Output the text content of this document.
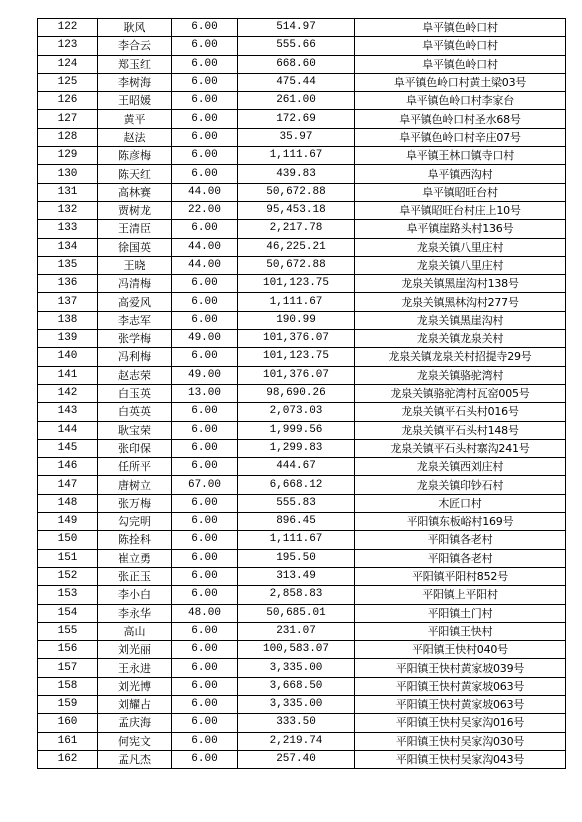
122	耿风	6.00	514.97	阜平镇色岭口村
123	李合云	6.00	555.66	阜平镇色岭口村
124	郑玉红	6.00	668.60	阜平镇色岭口村
125	李树海	6.00	475.44	阜平镇色岭口村黄土梁03号
126	王昭媛	6.00	261.00	阜平镇色岭口村李家台
127	黄平	6.00	172.69	阜平镇色岭口村圣水68号
128	赵法	6.00	35.97	阜平镇色岭口村辛庄07号
129	陈彦梅	6.00	1,111.67	阜平镇王林口镇寺口村
130	陈天红	6.00	439.83	阜平镇西沟村
131	高林赛	44.00	50,672.88	阜平镇昭旺台村
132	贾树龙	22.00	95,453.18	阜平镇昭旺台村庄上10号
133	王清臣	6.00	2,217.78	阜平镇崖路头村136号
134	徐国英	44.00	46,225.21	龙泉关镇八里庄村
135	王晓	44.00	50,672.88	龙泉关镇八里庄村
136	冯清梅	6.00	101,123.75	龙泉关镇黑崖沟村138号
137	高爱风	6.00	1,111.67	龙泉关镇黑林沟村277号
138	李志军	6.00	190.99	龙泉关镇黑崖沟村
139	张学梅	49.00	101,376.07	龙泉关镇龙泉关村
140	冯利梅	6.00	101,123.75	龙泉关镇龙泉关村招提寺29号
141	赵志荣	49.00	101,376.07	龙泉关镇骆驼湾村
142	白玉英	13.00	98,690.26	龙泉关镇骆驼湾村瓦窑005号
143	白英英	6.00	2,073.03	龙泉关镇平石头村016号
144	耿宝荣	6.00	1,999.56	龙泉关镇平石头村148号
145	张印保	6.00	1,299.83	龙泉关镇平石头村寨沟241号
146	任所平	6.00	444.67	龙泉关镇西刘庄村
147	唐树立	67.00	6,668.12	龙泉关镇印钞石村
148	张万梅	6.00	555.83	木匠口村
149	勾完明	6.00	896.45	平阳镇东板峪村169号
150	陈拴科	6.00	1,111.67	平阳镇各老村
151	崔立勇	6.00	195.50	平阳镇各老村
152	张正玉	6.00	313.49	平阳镇平阳村852号
153	李小白	6.00	2,858.83	平阳镇上平阳村
154	李永华	48.00	50,685.01	平阳镇土门村
155	高山	6.00	231.07	平阳镇王快村
156	刘光丽	6.00	100,583.07	平阳镇王快村040号
157	王永进	6.00	3,335.00	平阳镇王快村黄家坡039号
158	刘光博	6.00	3,668.50	平阳镇王快村黄家坡063号
159	刘耀占	6.00	3,335.00	平阳镇王快村黄家坡063号
160	孟庆海	6.00	333.50	平阳镇王快村吴家沟016号
161	何宪文	6.00	2,219.74	平阳镇王快村吴家沟030号
162	孟凡杰	6.00	257.40	平阳镇王快村吴家沟043号
